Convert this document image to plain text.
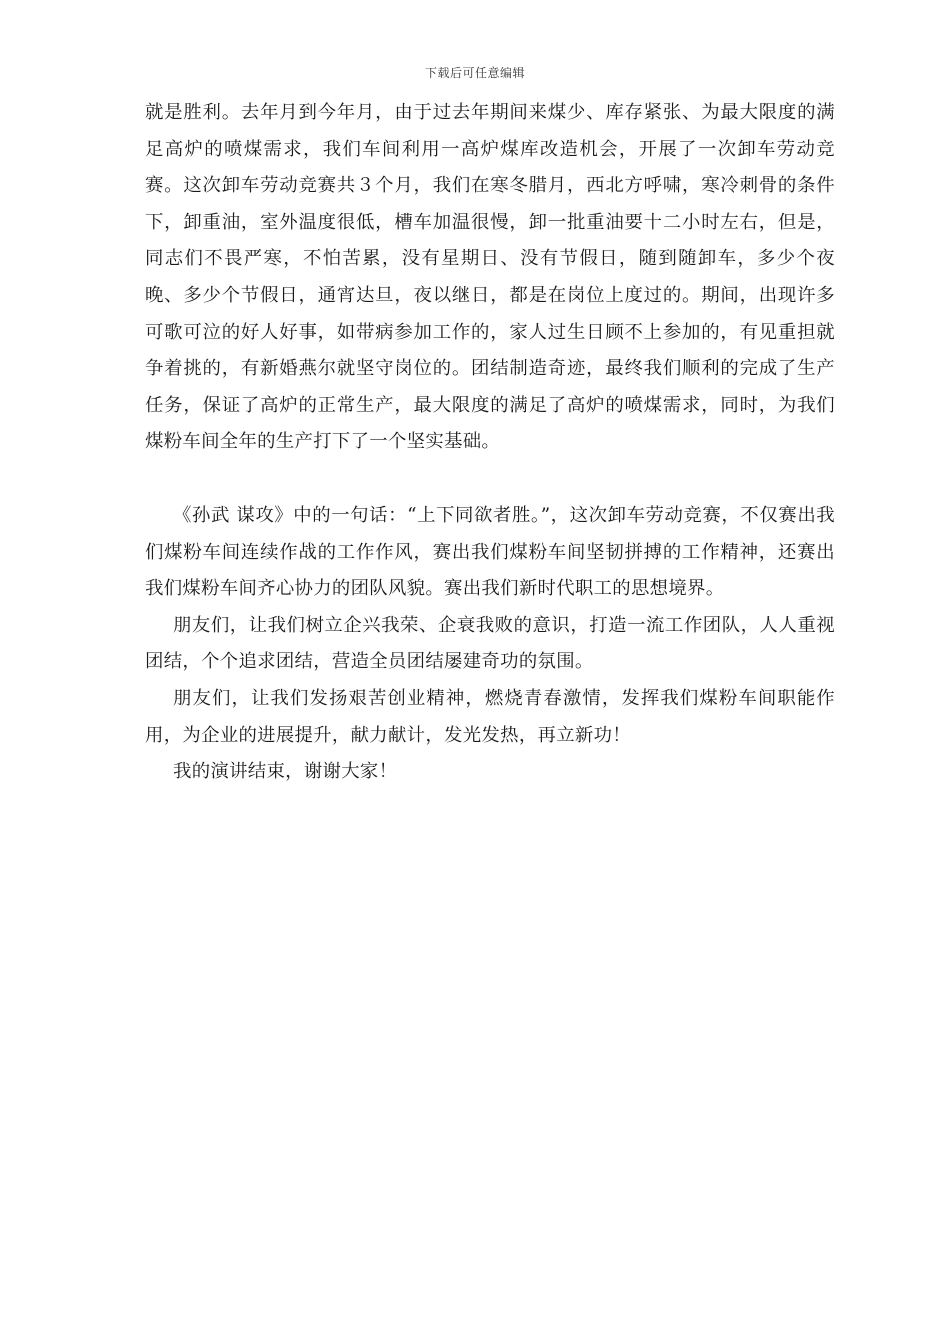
下载后可任意编辑

就是胜利。去年月到今年月，由于过去年期间来煤少、库存紧张、为最大限度的满足高炉的喷煤需求，我们车间利用一高炉煤库改造机会，开展了一次卸车劳动竞赛。这次卸车劳动竞赛共３个月，我们在寒冬腊月，西北方呼啸，寒冷刺骨的条件下，卸重油，室外温度很低，槽车加温很慢，卸一批重油要十二小时左右，但是，同志们不畏严寒，不怕苦累，没有星期日、没有节假日，随到随卸车，多少个夜晚、多少个节假日，通宵达旦，夜以继日，都是在岗位上度过的。期间，出现许多可歌可泣的好人好事，如带病参加工作的，家人过生日顾不上参加的，有见重担就争着挑的，有新婚燕尔就坚守岗位的。团结制造奇迹，最终我们顺利的完成了生产任务，保证了高炉的正常生产，最大限度的满足了高炉的喷煤需求，同时，为我们煤粉车间全年的生产打下了一个坚实基础。

《孙武 谋攻》中的一句话：“上下同欲者胜。”，这次卸车劳动竞赛，不仅赛出我们煤粉车间连续作战的工作作风，赛出我们煤粉车间坚韧拼搏的工作精神，还赛出我们煤粉车间齐心协力的团队风貌。赛出我们新时代职工的思想境界。

朋友们，让我们树立企兴我荣、企衰我败的意识，打造一流工作团队，人人重视团结，个个追求团结，营造全员团结屡建奇功的氛围。

朋友们，让我们发扬艰苦创业精神，燃烧青春激情，发挥我们煤粉车间职能作用，为企业的进展提升，献力献计，发光发热，再立新功！

我的演讲结束，谢谢大家！
